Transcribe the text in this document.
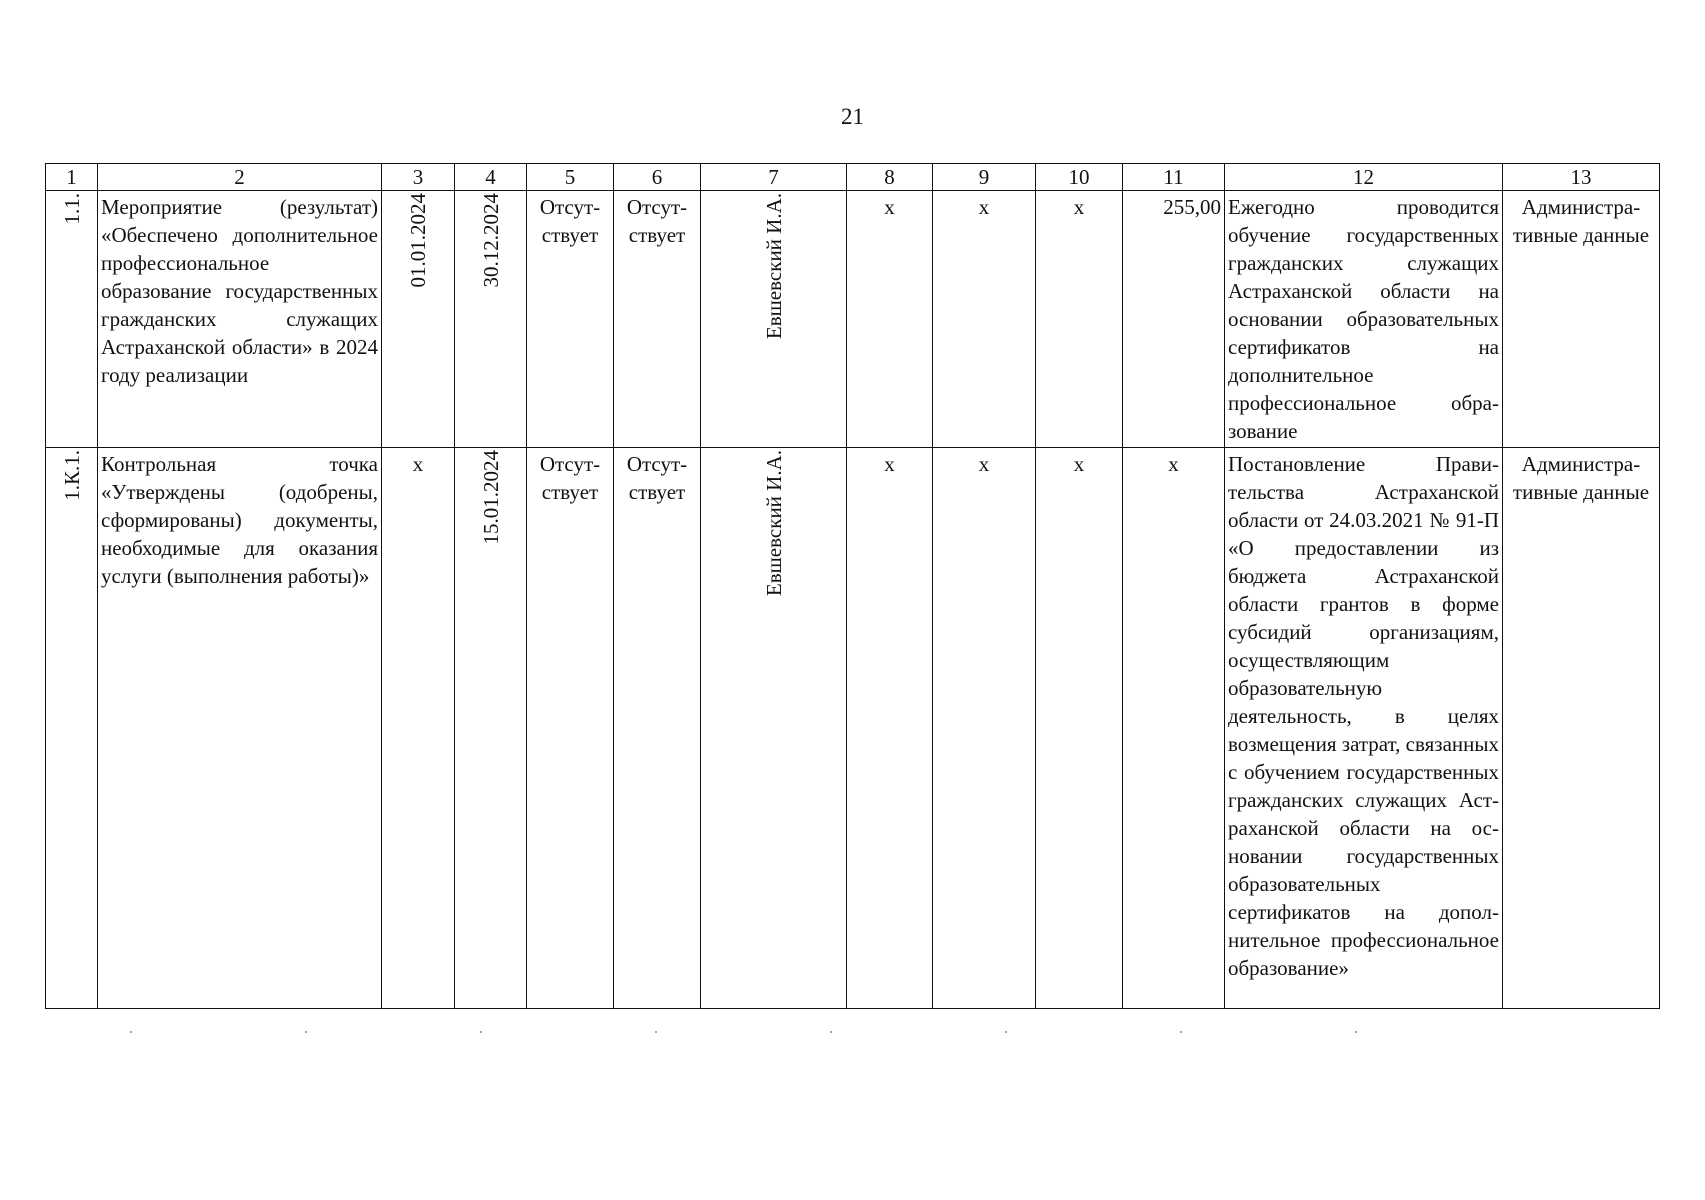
21
1	2	3	4	5	6	7	8	9	10	11	12	13
1.1.	Мероприятие (результат) «Обеспечено дополнительное профессиональное образование государственных гражданских служащих Астраханской области» в 2024 году реализации	01.01.2024	30.12.2024	Отсутствует	Отсутствует	Евшевский И.А.	x	x	x	255,00	Ежегодно проводится обучение государственных гражданских служащих Астраханской области на основании образовательных сертификатов на дополнительное профессиональное образование	Административные данные
1.К.1.	Контрольная точка «Утверждены (одобрены, сформированы) документы, необходимые для оказания услуги (выполнения работы)»	x	15.01.2024	Отсутствует	Отсутствует	Евшевский И.А.	x	x	x	x	Постановление Правительства Астраханской области от 24.03.2021 № 91-П «О предоставлении из бюджета Астраханской области грантов в форме субсидий организациям, осуществляющим образовательную деятельность, в целях возмещения затрат, связанных с обучением государственных гражданских служащих Астраханской области на основании государственных образовательных сертификатов на дополнительное профессиональное образование»	Административные данные
